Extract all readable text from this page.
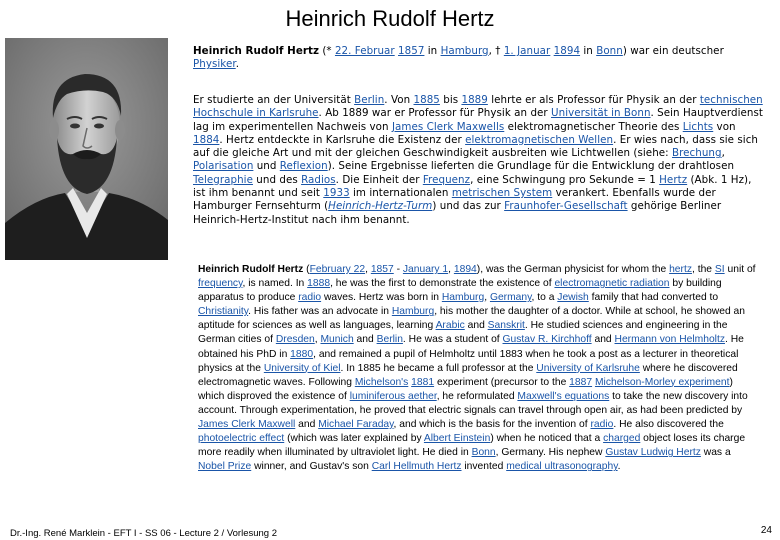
Heinrich Rudolf Hertz
Heinrich Rudolf Hertz (* 22. Februar 1857 in Hamburg, † 1. Januar 1894 in Bonn) war ein deutscher Physiker.
Er studierte an der Universität Berlin. Von 1885 bis 1889 lehrte er als Professor für Physik an der technischen Hochschule in Karlsruhe. Ab 1889 war er Professor für Physik an der Universität in Bonn. Sein Hauptverdienst lag im experimentellen Nachweis von James Clerk Maxwells elektromagnetischer Theorie des Lichts von 1884. Hertz entdeckte in Karlsruhe die Existenz der elektromagnetischen Wellen. Er wies nach, dass sie sich auf die gleiche Art und mit der gleichen Geschwindigkeit ausbreiten wie Lichtwellen (siehe: Brechung, Polarisation und Reflexion). Seine Ergebnisse lieferten die Grundlage für die Entwicklung der drahtlosen Telegraphie und des Radios. Die Einheit der Frequenz, eine Schwingung pro Sekunde = 1 Hertz (Abk. 1 Hz), ist ihm benannt und seit 1933 im internationalen metrischen System verankert. Ebenfalls wurde der Hamburger Fernsehturm (Heinrich-Hertz-Turm) und das zur Fraunhofer-Gesellschaft gehörige Berliner Heinrich-Hertz-Institut nach ihm benannt.
Heinrich Rudolf Hertz (February 22, 1857 - January 1, 1894), was the German physicist for whom the hertz, the SI unit of frequency, is named. In 1888, he was the first to demonstrate the existence of electromagnetic radiation by building apparatus to produce radio waves. Hertz was born in Hamburg, Germany, to a Jewish family that had converted to Christianity. His father was an advocate in Hamburg, his mother the daughter of a doctor. While at school, he showed an aptitude for sciences as well as languages, learning Arabic and Sanskrit. He studied sciences and engineering in the German cities of Dresden, Munich and Berlin. He was a student of Gustav R. Kirchhoff and Hermann von Helmholtz. He obtained his PhD in 1880, and remained a pupil of Helmholtz until 1883 when he took a post as a lecturer in theoretical physics at the University of Kiel. In 1885 he became a full professor at the University of Karlsruhe where he discovered electromagnetic waves. Following Michelson's 1881 experiment (precursor to the 1887 Michelson-Morley experiment) which disproved the existence of luminiferous aether, he reformulated Maxwell's equations to take the new discovery into account. Through experimentation, he proved that electric signals can travel through open air, as had been predicted by James Clerk Maxwell and Michael Faraday, and which is the basis for the invention of radio. He also discovered the photoelectric effect (which was later explained by Albert Einstein) when he noticed that a charged object loses its charge more readily when illuminated by ultraviolet light. He died in Bonn, Germany. His nephew Gustav Ludwig Hertz was a Nobel Prize winner, and Gustav's son Carl Hellmuth Hertz invented medical ultrasonography.
Dr.-Ing. René Marklein - EFT I - SS 06 - Lecture 2 / Vorlesung 2	24
